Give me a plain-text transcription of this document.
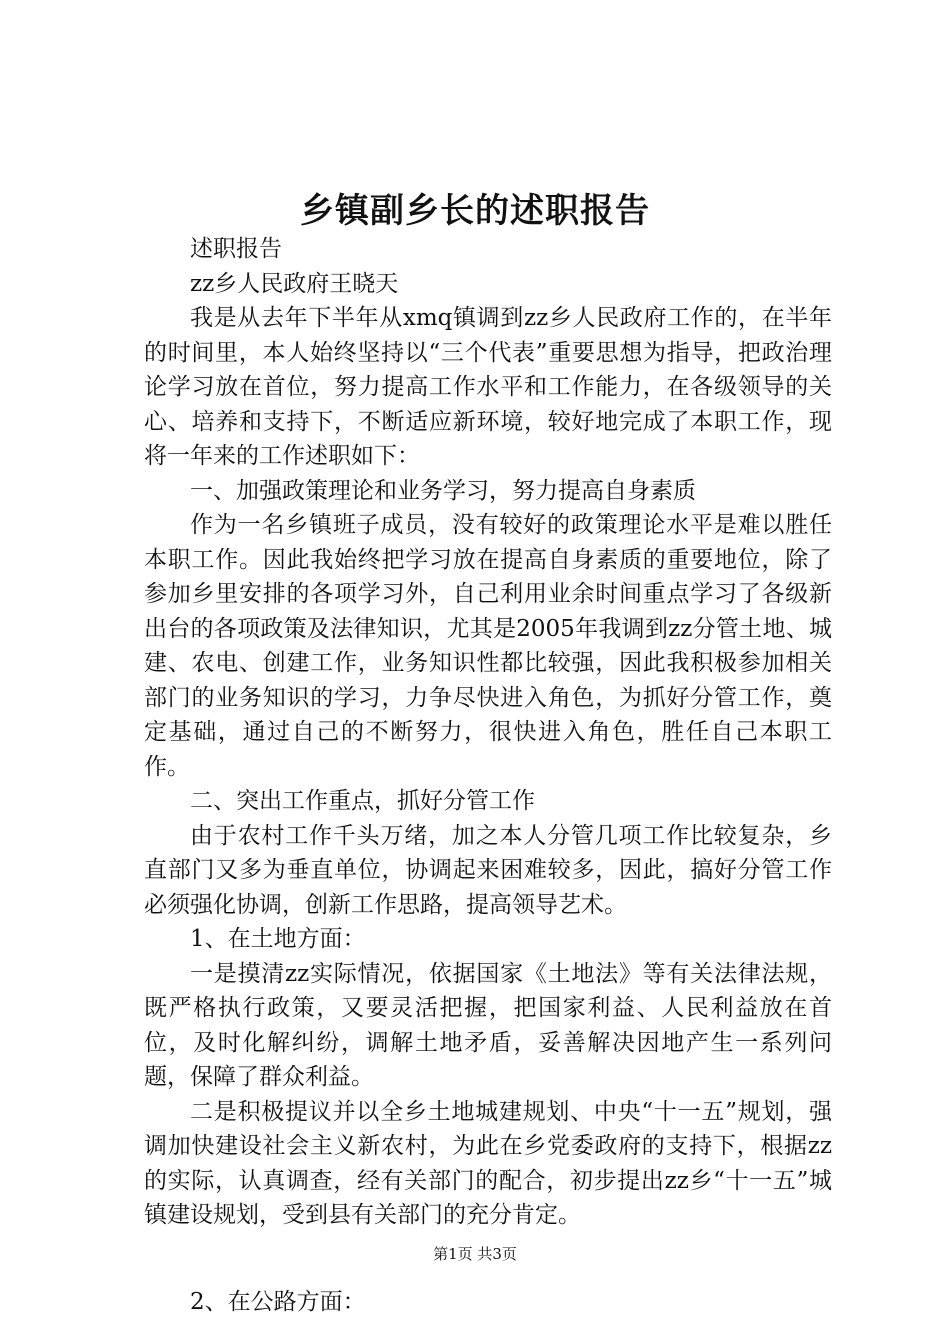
乡镇副乡长的述职报告

述职报告

zz乡人民政府王晓天

我是从去年下半年从xmq镇调到zz乡人民政府工作的，在半年的时间里，本人始终坚持以“三个代表”重要思想为指导，把政治理论学习放在首位，努力提高工作水平和工作能力，在各级领导的关心、培养和支持下，不断适应新环境，较好地完成了本职工作，现将一年来的工作述职如下：

一、加强政策理论和业务学习，努力提高自身素质

作为一名乡镇班子成员，没有较好的政策理论水平是难以胜任本职工作。因此我始终把学习放在提高自身素质的重要地位，除了参加乡里安排的各项学习外，自己利用业余时间重点学习了各级新出台的各项政策及法律知识，尤其是2005年我调到zz分管土地、城建、农电、创建工作，业务知识性都比较强，因此我积极参加相关部门的业务知识的学习，力争尽快进入角色，为抓好分管工作，奠定基础，通过自己的不断努力，很快进入角色，胜任自己本职工作。

二、突出工作重点，抓好分管工作

由于农村工作千头万绪，加之本人分管几项工作比较复杂，乡直部门又多为垂直单位，协调起来困难较多，因此，搞好分管工作必须强化协调，创新工作思路，提高领导艺术。

1、在土地方面：

一是摸清zz实际情况，依据国家《土地法》等有关法律法规，既严格执行政策，又要灵活把握，把国家利益、人民利益放在首位，及时化解纠纷，调解土地矛盾，妥善解决因地产生一系列问题，保障了群众利益。

二是积极提议并以全乡土地城建规划、中央“十一五”规划，强调加快建设社会主义新农村，为此在乡党委政府的支持下，根据zz的实际，认真调查，经有关部门的配合，初步提出zz乡“十一五”城镇建设规划，受到县有关部门的充分肯定。

2、在公路方面：

第1页 共3页
